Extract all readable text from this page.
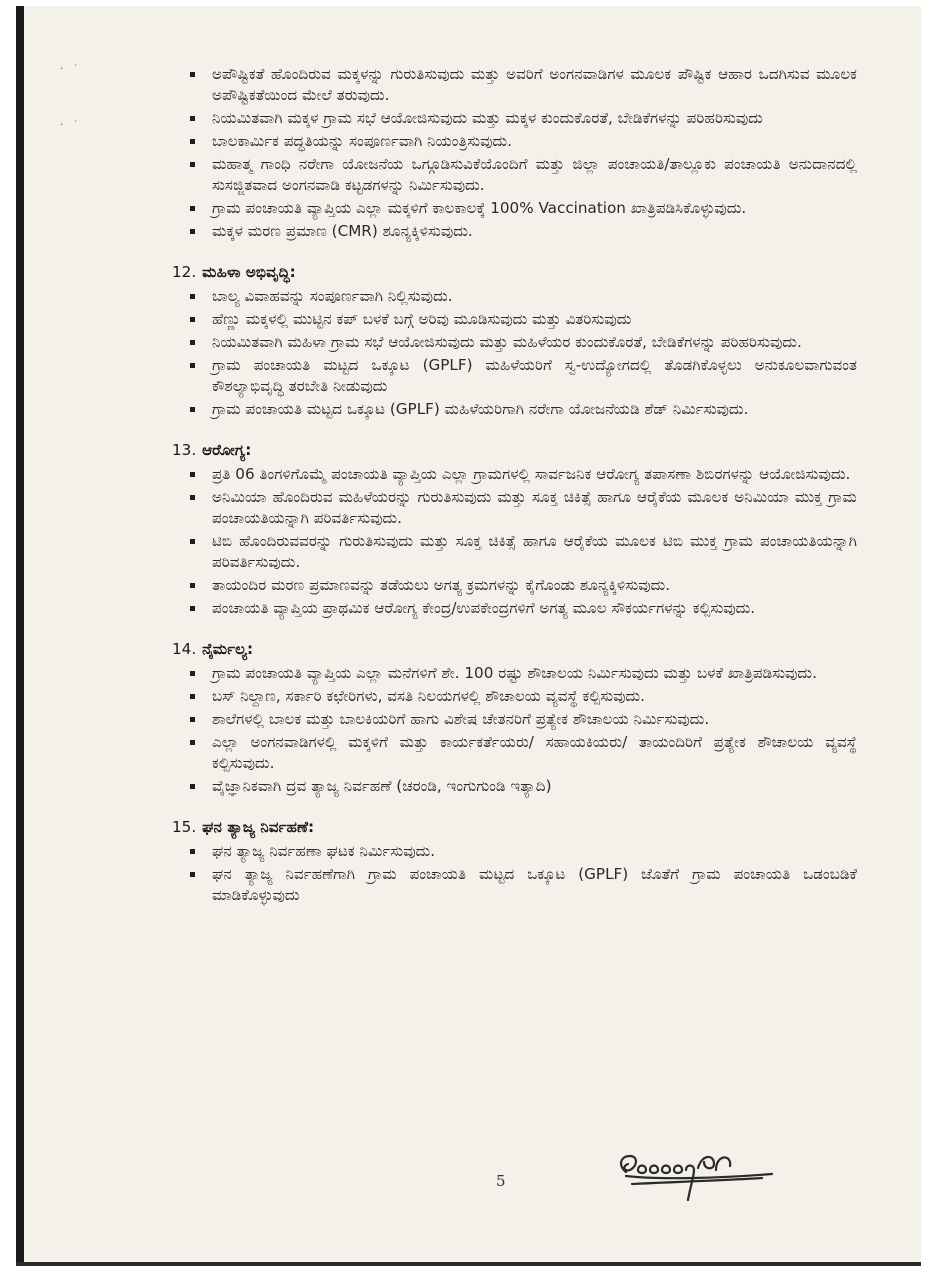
·˙
·˙
ಅಪೌಷ್ಟಿಕತೆ ಹೊಂದಿರುವ ಮಕ್ಕಳನ್ನು ಗುರುತಿಸುವುದು ಮತ್ತು ಅವರಿಗೆ ಅಂಗನವಾಡಿಗಳ ಮೂಲಕ ಪೌಷ್ಟಿಕ ಆಹಾರ ಒದಗಿಸುವ ಮೂಲಕ ಅಪೌಷ್ಟಿಕತೆಯಿಂದ ಮೇಲೆ ತರುವುದು.
ನಿಯಮಿತವಾಗಿ ಮಕ್ಕಳ ಗ್ರಾಮ ಸಭೆ ಆಯೋಜಿಸುವುದು ಮತ್ತು ಮಕ್ಕಳ ಕುಂದುಕೊರತೆ, ಬೇಡಿಕೆಗಳನ್ನು ಪರಿಹರಿಸುವುದು
ಬಾಲಕಾರ್ಮಿಕ ಪದ್ಧತಿಯನ್ನು ಸಂಪೂರ್ಣವಾಗಿ ನಿಯಂತ್ರಿಸುವುದು.
ಮಹಾತ್ಮ ಗಾಂಧಿ ನರೇಗಾ ಯೋಜನೆಯ ಒಗ್ಗೂಡಿಸುವಿಕೆಯೊಂದಿಗೆ ಮತ್ತು ಜಿಲ್ಲಾ ಪಂಚಾಯತಿ/ತಾಲ್ಲೂಕು ಪಂಚಾಯತಿ ಅನುದಾನದಲ್ಲಿ ಸುಸಜ್ಜಿತವಾದ ಅಂಗನವಾಡಿ ಕಟ್ಟಡಗಳನ್ನು ನಿರ್ಮಿಸುವುದು.
ಗ್ರಾಮ ಪಂಚಾಯತಿ ವ್ಯಾಪ್ತಿಯ ಎಲ್ಲಾ ಮಕ್ಕಳಿಗೆ ಕಾಲಕಾಲಕ್ಕೆ 100% Vaccination ಖಾತ್ರಿಪಡಿಸಿಕೊಳ್ಳುವುದು.
ಮಕ್ಕಳ ಮರಣ ಪ್ರಮಾಣ (CMR) ಶೂನ್ಯಕ್ಕಿಳಿಸುವುದು.
12. ಮಹಿಳಾ ಅಭಿವೃದ್ಧಿ:
ಬಾಲ್ಯ ವಿವಾಹವನ್ನು ಸಂಪೂರ್ಣವಾಗಿ ನಿಲ್ಲಿಸುವುದು.
ಹೆಣ್ಣು ಮಕ್ಕಳಲ್ಲಿ ಮುಟ್ಟಿನ ಕಪ್ ಬಳಕೆ ಬಗ್ಗೆ ಅರಿವು ಮೂಡಿಸುವುದು ಮತ್ತು ವಿತರಿಸುವುದು
ನಿಯಮಿತವಾಗಿ ಮಹಿಳಾ ಗ್ರಾಮ ಸಭೆ ಆಯೋಜಿಸುವುದು ಮತ್ತು ಮಹಿಳೆಯರ ಕುಂದುಕೊರತೆ, ಬೇಡಿಕೆಗಳನ್ನು ಪರಿಹರಿಸುವುದು.
ಗ್ರಾಮ ಪಂಚಾಯತಿ ಮಟ್ಟದ ಒಕ್ಕೂಟ (GPLF) ಮಹಿಳೆಯರಿಗೆ ಸ್ವ-ಉದ್ಯೋಗದಲ್ಲಿ ತೊಡಗಿಕೊಳ್ಳಲು ಅನುಕೂಲವಾಗುವಂತ ಕೌಶಲ್ಯಾಭಿವೃದ್ಧಿ ತರಬೇತಿ ನೀಡುವುದು
ಗ್ರಾಮ ಪಂಚಾಯತಿ ಮಟ್ಟದ ಒಕ್ಕೂಟ (GPLF) ಮಹಿಳೆಯರಿಗಾಗಿ ನರೇಗಾ ಯೋಜನೆಯಡಿ ಶೆಡ್ ನಿರ್ಮಿಸುವುದು.
13. ಆರೋಗ್ಯ:
ಪ್ರತಿ 06 ತಿಂಗಳಿಗೊಮ್ಮೆ ಪಂಚಾಯತಿ ವ್ಯಾಪ್ತಿಯ ಎಲ್ಲಾ ಗ್ರಾಮಗಳಲ್ಲಿ ಸಾರ್ವಜನಿಕ ಆರೋಗ್ಯ ತಪಾಸಣಾ ಶಿಬಿರಗಳನ್ನು ಆಯೋಜಿಸುವುದು.
ಅನಿಮಿಯಾ ಹೊಂದಿರುವ ಮಹಿಳೆಯರನ್ನು ಗುರುತಿಸುವುದು ಮತ್ತು ಸೂಕ್ತ ಚಿಕಿತ್ಸೆ ಹಾಗೂ ಆರೈಕೆಯ ಮೂಲಕ ಅನಿಮಿಯಾ ಮುಕ್ತ ಗ್ರಾಮ ಪಂಚಾಯತಿಯನ್ನಾಗಿ ಪರಿವರ್ತಿಸುವುದು.
ಟಿಬಿ ಹೊಂದಿರುವವರನ್ನು ಗುರುತಿಸುವುದು ಮತ್ತು ಸೂಕ್ತ ಚಿಕಿತ್ಸೆ ಹಾಗೂ ಆರೈಕೆಯ ಮೂಲಕ ಟಿಬಿ ಮುಕ್ತ ಗ್ರಾಮ ಪಂಚಾಯತಿಯನ್ನಾಗಿ ಪರಿವರ್ತಿಸುವುದು.
ತಾಯಂದಿರ ಮರಣ ಪ್ರಮಾಣವನ್ನು ತಡೆಯಲು ಅಗತ್ಯ ಕ್ರಮಗಳನ್ನು ಕೈಗೊಂಡು ಶೂನ್ಯಕ್ಕಿಳಿಸುವುದು.
ಪಂಚಾಯತಿ ವ್ಯಾಪ್ತಿಯ ಪ್ರಾಥಮಿಕ ಆರೋಗ್ಯ ಕೇಂದ್ರ/ಉಪಕೇಂದ್ರಗಳಿಗೆ ಅಗತ್ಯ ಮೂಲ ಸೌಕರ್ಯಗಳನ್ನು ಕಲ್ಪಿಸುವುದು.
14. ನೈರ್ಮಲ್ಯ:
ಗ್ರಾಮ ಪಂಚಾಯತಿ ವ್ಯಾಪ್ತಿಯ ಎಲ್ಲಾ ಮನೆಗಳಿಗೆ ಶೇ. 100 ರಷ್ಟು ಶೌಚಾಲಯ ನಿರ್ಮಿಸುವುದು ಮತ್ತು ಬಳಕೆ ಖಾತ್ರಿಪಡಿಸುವುದು.
ಬಸ್ ನಿಲ್ದಾಣ, ಸರ್ಕಾರಿ ಕಛೇರಿಗಳು, ವಸತಿ ನಿಲಯಗಳಲ್ಲಿ ಶೌಚಾಲಯ ವ್ಯವಸ್ಥೆ ಕಲ್ಪಿಸುವುದು.
ಶಾಲೆಗಳಲ್ಲಿ ಬಾಲಕ ಮತ್ತು ಬಾಲಕಿಯರಿಗೆ ಹಾಗು ವಿಶೇಷ ಚೇತನರಿಗೆ ಪ್ರತ್ಯೇಕ ಶೌಚಾಲಯ ನಿರ್ಮಿಸುವುದು.
ಎಲ್ಲಾ ಅಂಗನವಾಡಿಗಳಲ್ಲಿ ಮಕ್ಕಳಿಗೆ ಮತ್ತು ಕಾರ್ಯಕರ್ತೆಯರು/ ಸಹಾಯಕಿಯರು/ ತಾಯಂದಿರಿಗೆ ಪ್ರತ್ಯೇಕ ಶೌಚಾಲಯ ವ್ಯವಸ್ಥೆ ಕಲ್ಪಿಸುವುದು.
ವೈಜ್ಞಾನಿಕವಾಗಿ ದ್ರವ ತ್ಯಾಜ್ಯ ನಿರ್ವಹಣೆ (ಚರಂಡಿ, ಇಂಗುಗುಂಡಿ ಇತ್ಯಾದಿ)
15. ಘನ ತ್ಯಾಜ್ಯ ನಿರ್ವಹಣೆ:
ಘನ ತ್ಯಾಜ್ಯ ನಿರ್ವಹಣಾ ಘಟಕ ನಿರ್ಮಿಸುವುದು.
ಘನ ತ್ಯಾಜ್ಯ ನಿರ್ವಹಣೆಗಾಗಿ ಗ್ರಾಮ ಪಂಚಾಯತಿ ಮಟ್ಟದ ಒಕ್ಕೂಟ (GPLF) ಜೊತೆಗೆ ಗ್ರಾಮ ಪಂಚಾಯತಿ ಒಡಂಬಡಿಕೆ ಮಾಡಿಕೊಳ್ಳುವುದು
5
